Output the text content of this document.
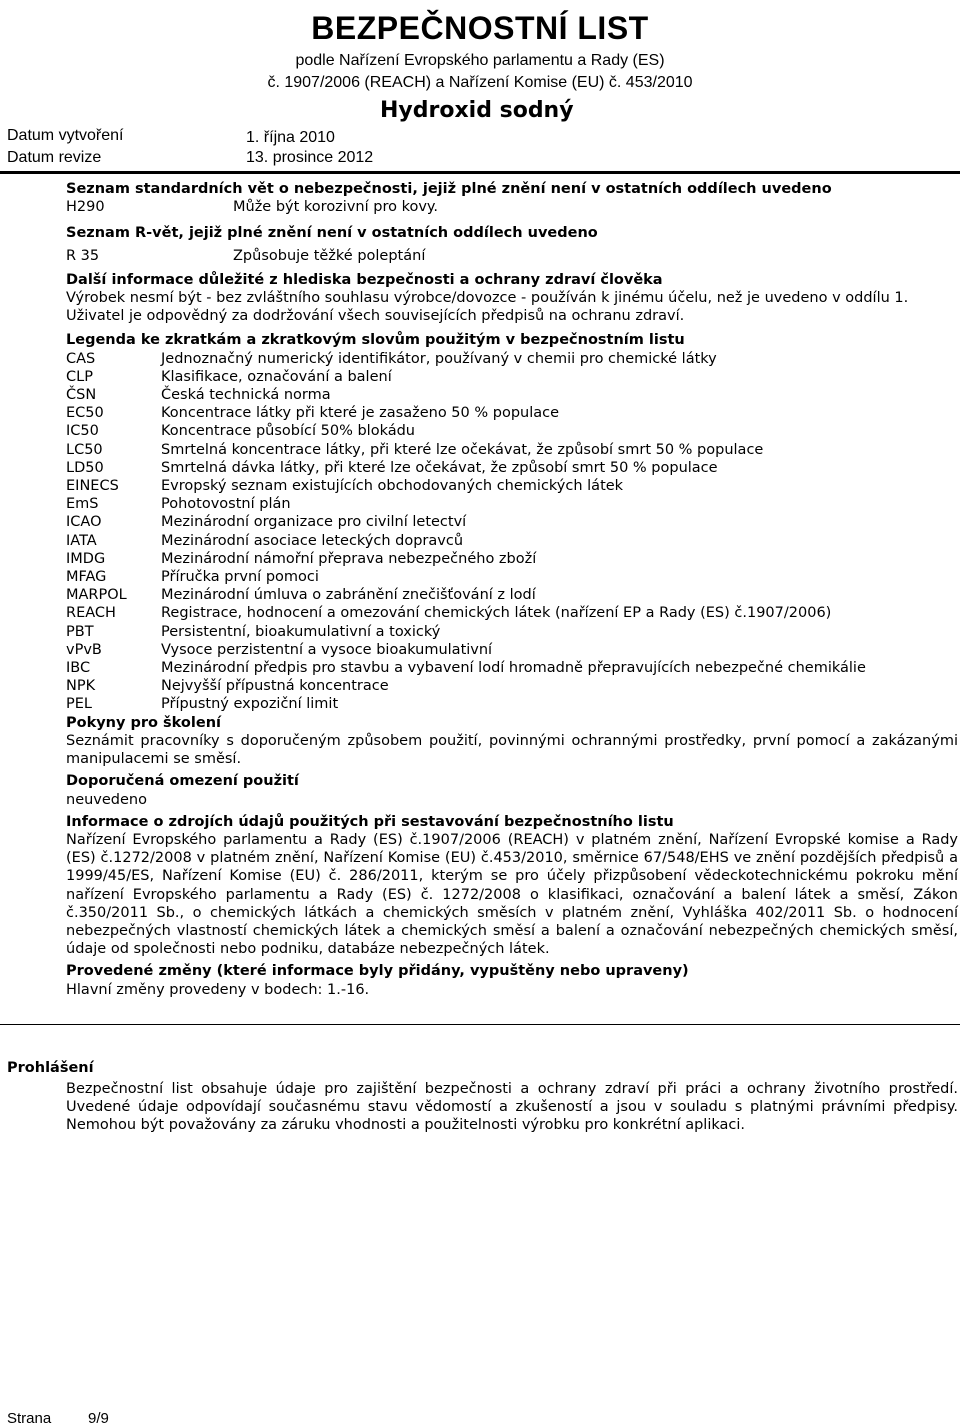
BEZPEČNOSTNÍ LIST
podle Nařízení Evropského parlamentu a Rady (ES)
č. 1907/2006 (REACH) a Nařízení Komise (EU) č. 453/2010
Hydroxid sodný
Datum vytvoření	1. října 2010
Datum revize	13. prosince 2012
Seznam standardních vět o nebezpečnosti, jejiž plné znění není v ostatních oddílech uvedeno
H290	Může být korozivní pro kovy.
Seznam R-vět, jejiž plné znění není v ostatních oddílech uvedeno
R 35	Způsobuje těžké poleptání
Další informace důležité z hlediska bezpečnosti a ochrany zdraví člověka
Výrobek nesmí být - bez zvláštního souhlasu výrobce/dovozce - používán k jinému účelu, než je uvedeno v oddílu 1. Uživatel je odpovědný za dodržování všech souvisejících předpisů na ochranu zdraví.
Legenda ke zkratkám a zkratkovým slovům použitým v bezpečnostním listu
CAS	Jednoznačný numerický identifikátor, používaný v chemii pro chemické látky
CLP	Klasifikace, označování a balení
ČSN	Česká technická norma
EC50	Koncentrace látky při které je zasaženo 50 % populace
IC50	Koncentrace působící 50% blokádu
LC50	Smrtelná koncentrace látky, při které lze očekávat, že způsobí smrt 50 % populace
LD50	Smrtelná dávka látky, při které lze očekávat, že způsobí smrt 50 % populace
EINECS	Evropský seznam existujících obchodovaných chemických látek
EmS	Pohotovostní plán
ICAO	Mezinárodní organizace pro civilní letectví
IATA	Mezinárodní asociace leteckých dopravců
IMDG	Mezinárodní námořní přeprava nebezpečného zboží
MFAG	Příručka první pomoci
MARPOL	Mezinárodní úmluva o zabránění znečišťování z lodí
REACH	Registrace, hodnocení a omezování chemických látek (nařízení EP a Rady (ES) č.1907/2006)
PBT	Persistentní, bioakumulativní a toxický
vPvB	Vysoce perzistentní a vysoce bioakumulativní
IBC	Mezinárodní předpis pro stavbu a vybavení lodí hromadně přepravujících nebezpečné chemikálie
NPK	Nejvyšší přípustná koncentrace
PEL	Přípustný expoziční limit
Pokyny pro školení
Seznámit pracovníky s doporučeným způsobem použití, povinnými ochrannými prostředky, první pomocí a zakázanými manipulacemi se směsí.
Doporučená omezení použití
neuvedeno
Informace o zdrojích údajů použitých při sestavování bezpečnostního listu
Nařízení Evropského parlamentu a Rady (ES) č.1907/2006 (REACH) v platném znění, Nařízení Evropské komise a Rady (ES) č.1272/2008 v platném znění, Nařízení Komise (EU) č.453/2010, směrnice 67/548/EHS ve znění pozdějších předpisů a 1999/45/ES, Nařízení Komise (EU) č. 286/2011, kterým se pro účely přizpůsobení vědeckotechnickému pokroku mění nařízení Evropského parlamentu a Rady (ES) č. 1272/2008 o klasifikaci, označování a balení látek a směsí, Zákon č.350/2011 Sb., o chemických látkách a chemických směsích v platném znění, Vyhláška 402/2011 Sb. o hodnocení nebezpečných vlastností chemických látek a chemických směsí a balení a označování nebezpečných chemických směsí, údaje od společnosti nebo podniku, databáze nebezpečných látek.
Provedené změny (které informace byly přidány, vypuštěny nebo upraveny)
Hlavní změny provedeny v bodech: 1.-16.
Prohlášení
Bezpečnostní list obsahuje údaje pro zajištění bezpečnosti a ochrany zdraví při práci a ochrany životního prostředí. Uvedené údaje odpovídají současnému stavu vědomostí a zkušeností a jsou v souladu s platnými právními předpisy. Nemohou být považovány za záruku vhodnosti a použitelnosti výrobku pro konkrétní aplikaci.
Strana 9/9
